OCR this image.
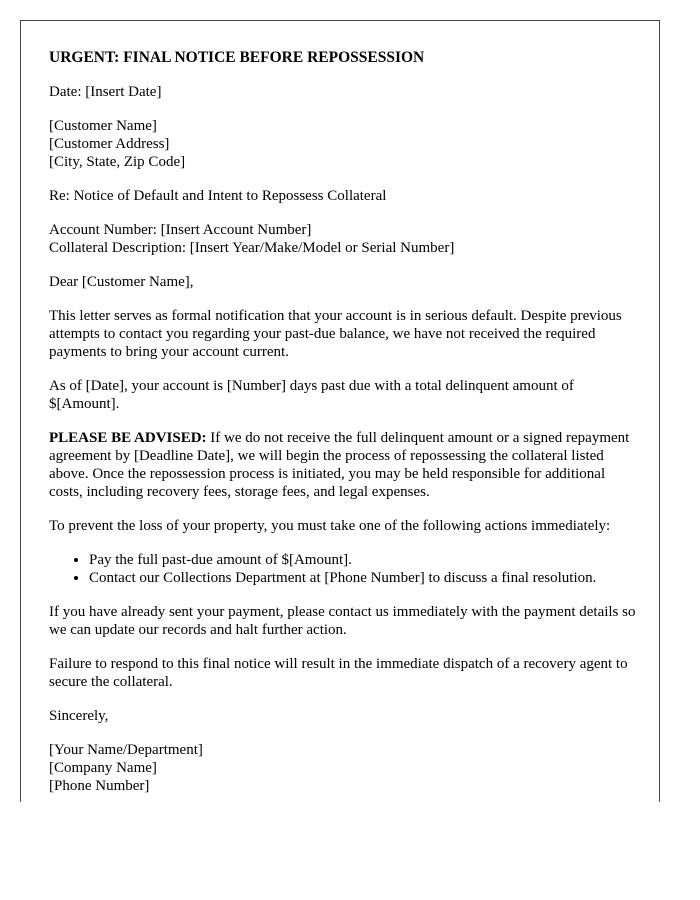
URGENT: FINAL NOTICE BEFORE REPOSSESSION

Date: [Insert Date]

[Customer Name]

[Customer Address]

[City, State, Zip Code]

Re: Notice of Default and Intent to Repossess Collateral

Account Number: [Insert Account Number]

Collateral Description: [Insert Year/Make/Model or Serial Number]

Dear [Customer Name],

This letter serves as formal notification that your account is in serious default. Despite previous attempts to contact you regarding your past-due balance, we have not received the required payments to bring your account current.

As of [Date], your account is [Number] days past due with a total delinquent amount of $[Amount].

PLEASE BE ADVISED: If we do not receive the full delinquent amount or a signed repayment agreement by [Deadline Date], we will begin the process of repossessing the collateral listed above. Once the repossession process is initiated, you may be held responsible for additional costs, including recovery fees, storage fees, and legal expenses.

To prevent the loss of your property, you must take one of the following actions immediately:

• Pay the full past-due amount of $[Amount].
• Contact our Collections Department at [Phone Number] to discuss a final resolution.

If you have already sent your payment, please contact us immediately with the payment details so we can update our records and halt further action.

Failure to respond to this final notice will result in the immediate dispatch of a recovery agent to secure the collateral.

Sincerely,

[Your Name/Department]

[Company Name]

[Phone Number]
